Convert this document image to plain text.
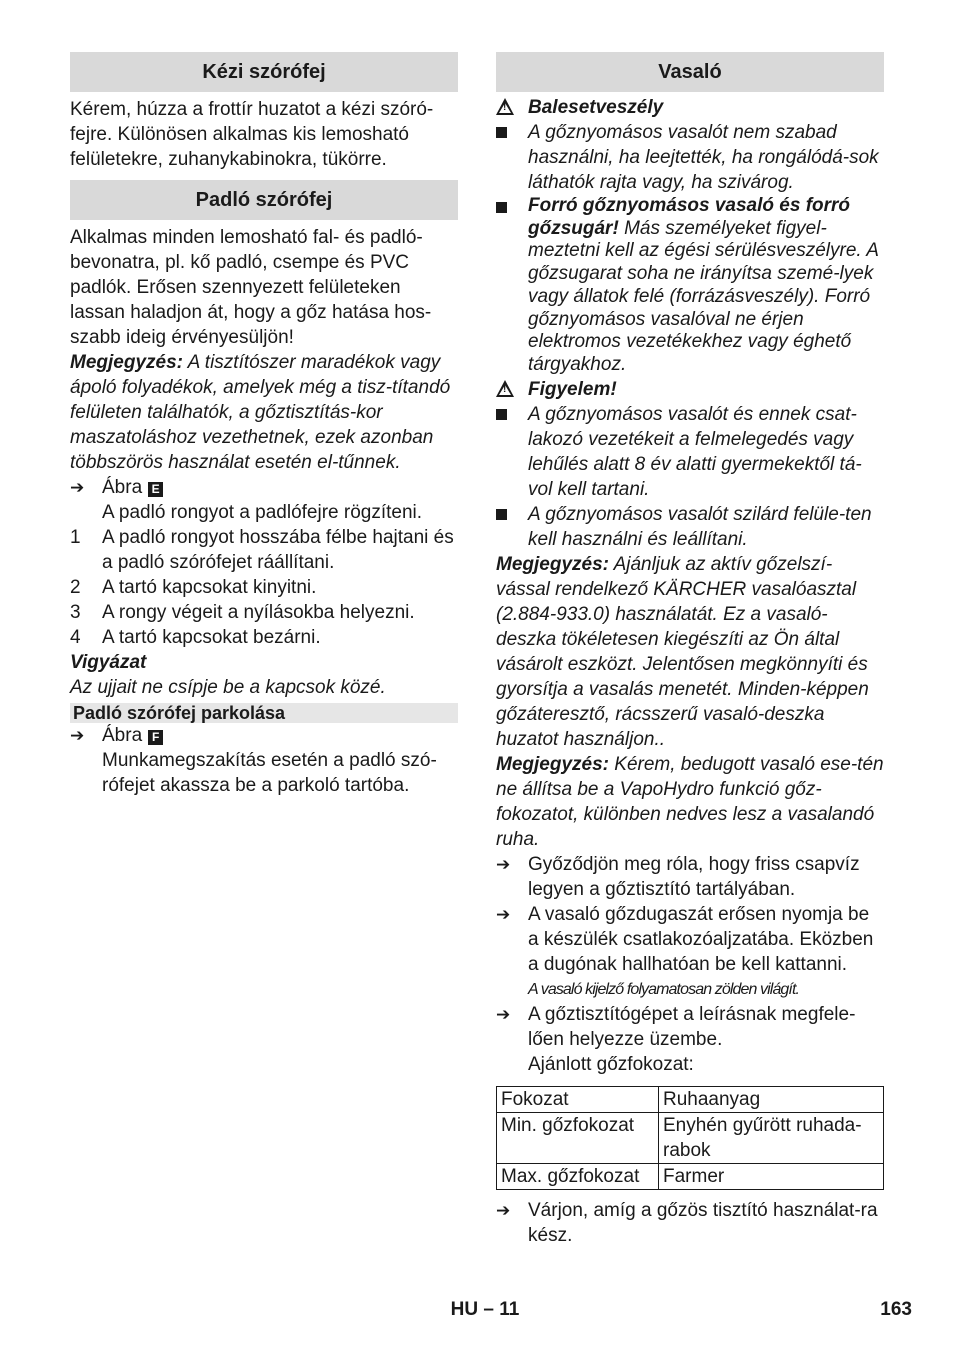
Kézi szórófej
Kérem, húzza a frottír huzatot a kézi szóró-fejre. Különösen alkalmas kis lemosható felületekre, zuhanykabinokra, tükörre.
Padló szórófej
Alkalmas minden lemosható fal- és padló-bevonatra, pl. kő padló, csempe és PVC padlók. Erősen szennyezett felületeken lassan haladjon át, hogy a gőz hatása hos-szabb ideig érvényesüljön!
Megjegyzés: A tisztítószer maradékok vagy ápoló folyadékok, amelyek még a tisz-títandó felületen találhatók, a gőztisztítás-kor maszatoláshoz vezethetnek, ezek azonban többszörös használat esetén el-tűnnek.
➔ Ábra E
A padló rongyot a padlófejre rögzíteni.
1	A padló rongyot hosszába félbe hajtani és a padló szórófejet ráállítani.
2	A tartó kapcsokat kinyitni.
3	A rongy végeit a nyílásokba helyezni.
4	A tartó kapcsokat bezárni.
Vigyázat
Az ujjait ne csípje be a kapcsok közé.
Padló szórófej parkolása
➔ Ábra F
Munkamegszakítás esetén a padló szó-rófejet akassza be a parkoló tartóba.
Vasaló
!
Balesetveszély
A gőznyomásos vasalót nem szabad használni, ha leejtették, ha rongálódá-sok láthatók rajta vagy, ha szivárog.
Forró gőznyomásos vasaló és forró gőzsugár! Más személyeket figyel-meztetni kell az égési sérülésveszélyre. A gőzsugarat soha ne irányítsa szemé-lyek vagy állatok felé (forrázásveszély). Forró gőznyomásos vasalóval ne érjen elektromos vezetékekhez vagy éghető tárgyakhoz.
!
Figyelem!
A gőznyomásos vasalót és ennek csat-lakozó vezetékeit a felmelegedés vagy lehűlés alatt 8 év alatti gyermekektől tá-vol kell tartani.
A gőznyomásos vasalót szilárd felüle-ten kell használni és leállítani.
Megjegyzés: Ajánljuk az aktív gőzelszí-vással rendelkező KÄRCHER vasalóasztal (2.884-933.0) használatát. Ez a vasaló-deszka tökéletesen kiegészíti az Ön által vásárolt eszközt. Jelentősen megkönnyíti és gyorsítja a vasalás menetét. Minden-képpen gőzáteresztő, rácsszerű vasaló-deszka huzatot használjon..
Megjegyzés: Kérem, bedugott vasaló ese-tén ne állítsa be a VapoHydro funkció gőz-fokozatot, különben nedves lesz a vasalandó ruha.
➔ Győződjön meg róla, hogy friss csapvíz legyen a gőztisztító tartályában.
➔ A vasaló gőzdugaszát erősen nyomja be a készülék csatlakozóaljzatába. Eközben a dugónak hallhatóan be kell kattanni.
A vasaló kijelző folyamatosan zölden világít.
➔ A gőztisztítógépet a leírásnak megfele-lően helyezze üzembe.
Ajánlott gőzfokozat:
Fokozat	Ruhaanyag
Min. gőzfokozat	Enyhén gyűrött ruhada-rabok
Max. gőzfokozat	Farmer
➔ Várjon, amíg a gőzös tisztító használat-ra kész.
HU – 11	163
